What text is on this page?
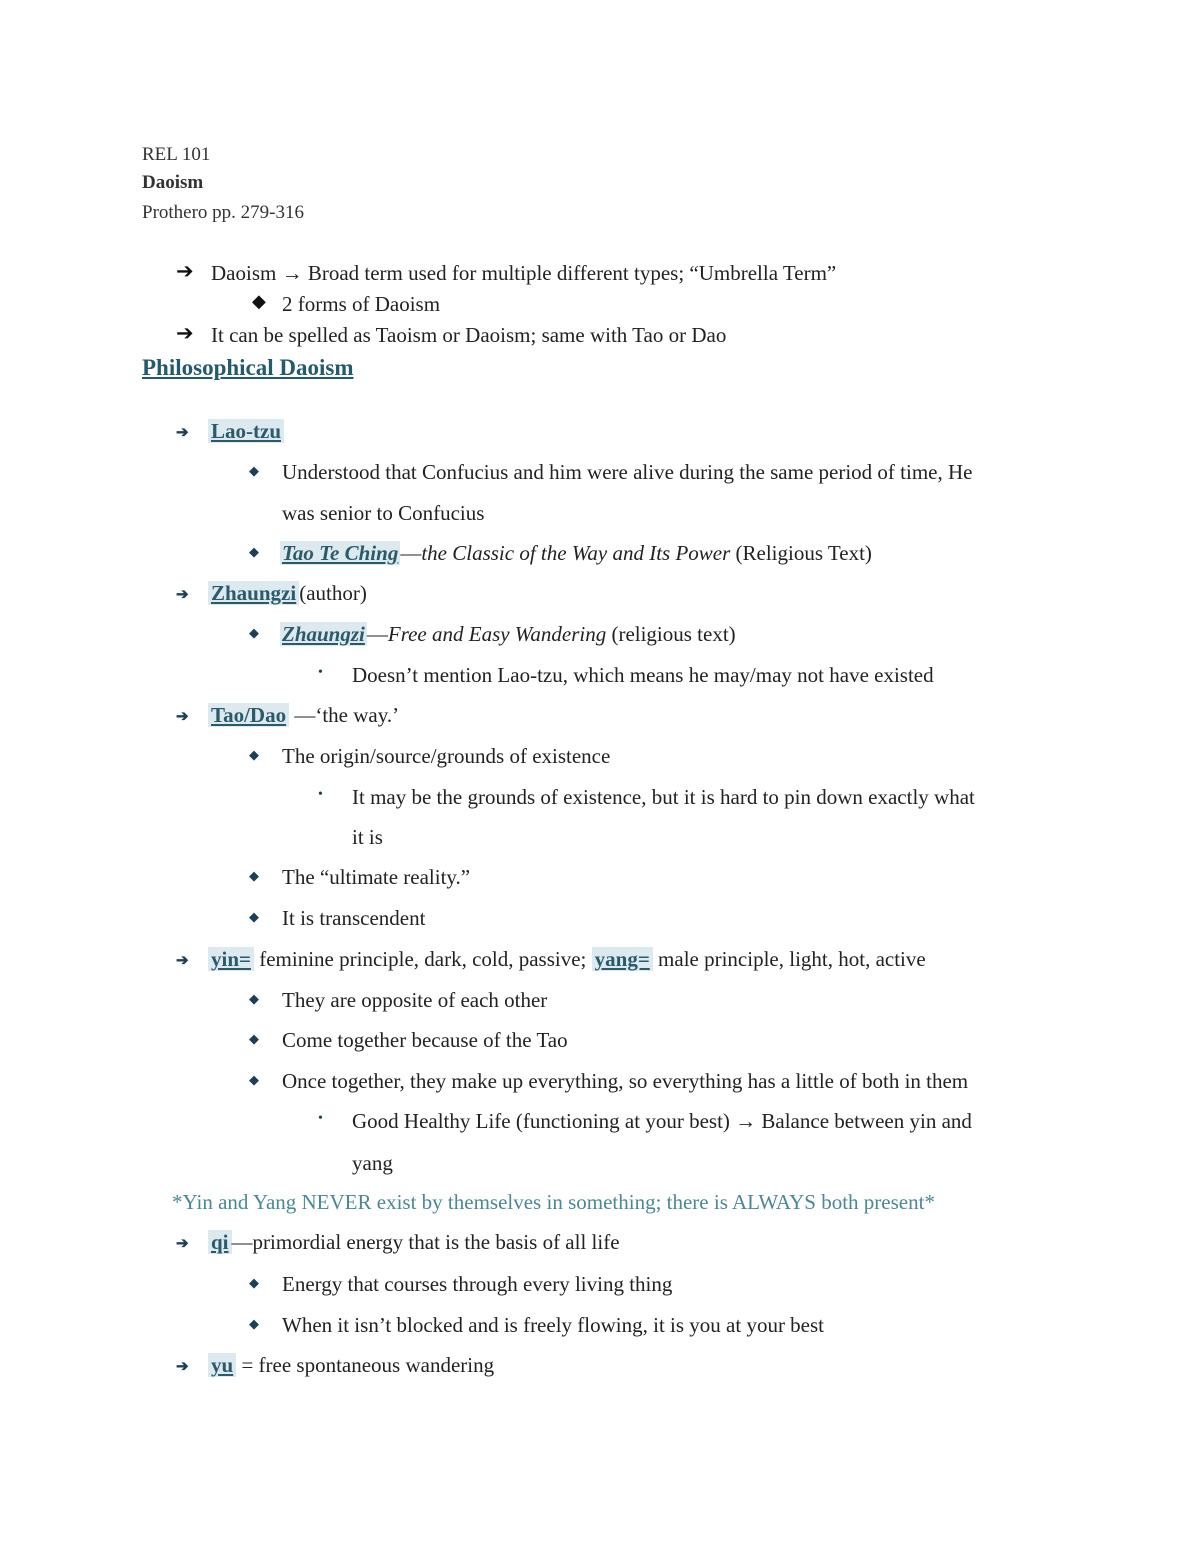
REL 101
Daoism
Prothero pp. 279-316
➔ Daoism → Broad term used for multiple different types; “Umbrella Term”
◆ 2 forms of Daoism
➔ It can be spelled as Taoism or Daoism; same with Tao or Dao
Philosophical Daoism
➔ Lao-tzu
◆ Understood that Confucius and him were alive during the same period of time, He
was senior to Confucius
◆ Tao Te Ching—the Classic of the Way and Its Power (Religious Text)
➔ Zhaungzi (author)
◆ Zhaungzi—Free and Easy Wandering (religious text)
• Doesn’t mention Lao-tzu, which means he may/may not have existed
➔ Tao/Dao —‘the way.’
◆ The origin/source/grounds of existence
• It may be the grounds of existence, but it is hard to pin down exactly what
it is
◆ The “ultimate reality.”
◆ It is transcendent
➔ yin= feminine principle, dark, cold, passive; yang= male principle, light, hot, active
◆ They are opposite of each other
◆ Come together because of the Tao
◆ Once together, they make up everything, so everything has a little of both in them
• Good Healthy Life (functioning at your best) → Balance between yin and
yang
*Yin and Yang NEVER exist by themselves in something; there is ALWAYS both present*
➔ qi —primordial energy that is the basis of all life
◆ Energy that courses through every living thing
◆ When it isn’t blocked and is freely flowing, it is you at your best
➔ yu = free spontaneous wandering
